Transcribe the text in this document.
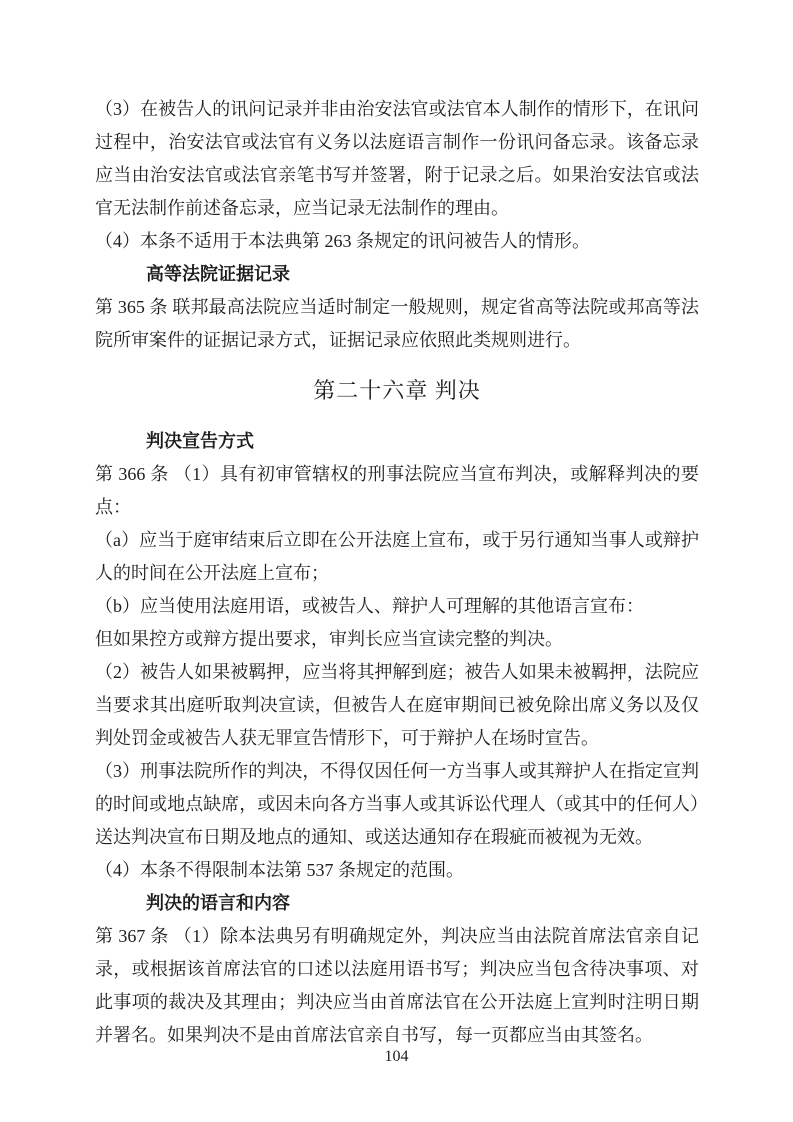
（3）在被告人的讯问记录并非由治安法官或法官本人制作的情形下，在讯问过程中，治安法官或法官有义务以法庭语言制作一份讯问备忘录。该备忘录应当由治安法官或法官亲笔书写并签署，附于记录之后。如果治安法官或法官无法制作前述备忘录，应当记录无法制作的理由。

（4）本条不适用于本法典第 263 条规定的讯问被告人的情形。

高等法院证据记录

第 365 条 联邦最高法院应当适时制定一般规则，规定省高等法院或邦高等法院所审案件的证据记录方式，证据记录应依照此类规则进行。

第二十六章 判决
判决宣告方式

第 366 条 （1）具有初审管辖权的刑事法院应当宣布判决，或解释判决的要点：

（a）应当于庭审结束后立即在公开法庭上宣布，或于另行通知当事人或辩护人的时间在公开法庭上宣布；

（b）应当使用法庭用语，或被告人、辩护人可理解的其他语言宣布：

但如果控方或辩方提出要求，审判长应当宣读完整的判决。

（2）被告人如果被羁押，应当将其押解到庭；被告人如果未被羁押，法院应当要求其出庭听取判决宣读，但被告人在庭审期间已被免除出席义务以及仅判处罚金或被告人获无罪宣告情形下，可于辩护人在场时宣告。

（3）刑事法院所作的判决，不得仅因任何一方当事人或其辩护人在指定宣判的时间或地点缺席，或因未向各方当事人或其诉讼代理人（或其中的任何人）送达判决宣布日期及地点的通知、或送达通知存在瑕疵而被视为无效。

（4）本条不得限制本法第 537 条规定的范围。

判决的语言和内容

第 367 条 （1）除本法典另有明确规定外，判决应当由法院首席法官亲自记录，或根据该首席法官的口述以法庭用语书写；判决应当包含待决事项、对此事项的裁决及其理由；判决应当由首席法官在公开法庭上宣判时注明日期并署名。如果判决不是由首席法官亲自书写，每一页都应当由其签名。

104
